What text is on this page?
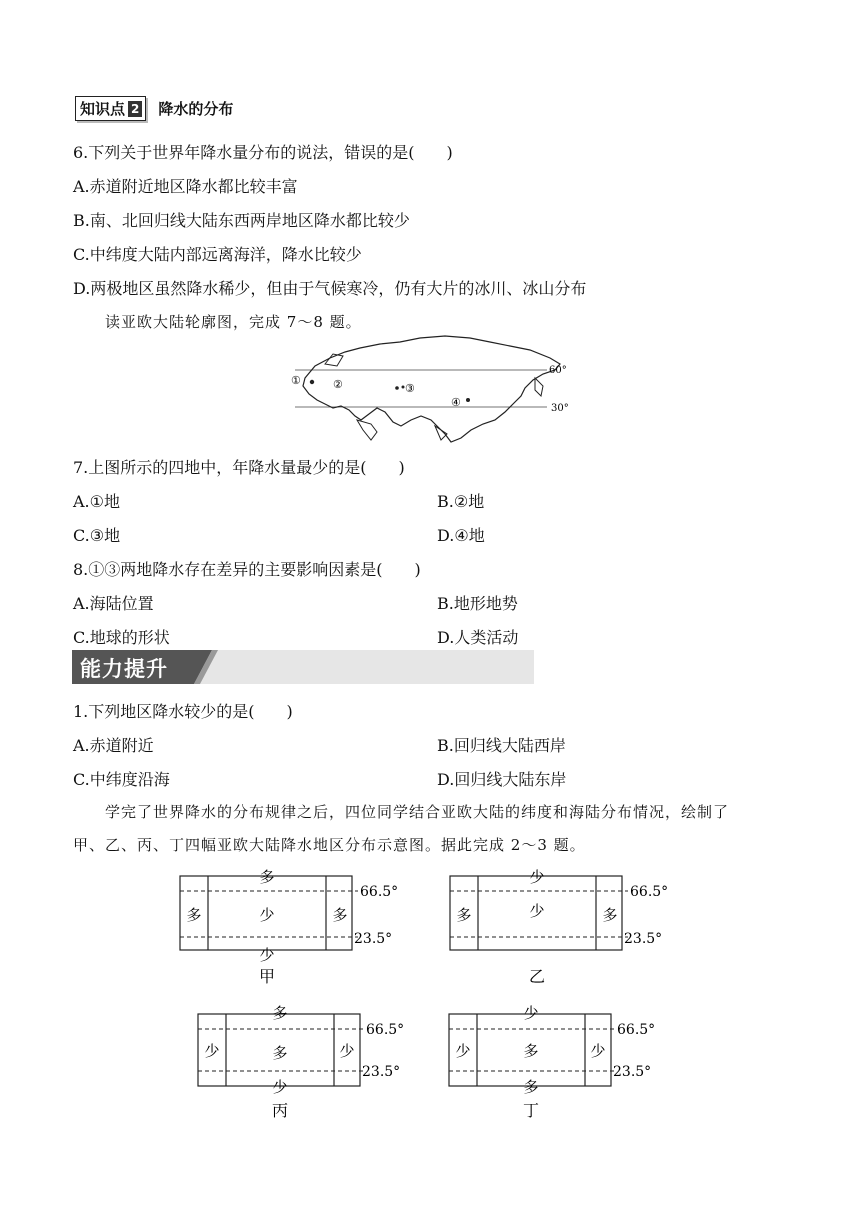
知识点 2 降水的分布
6.下列关于世界年降水量分布的说法，错误的是(　　)
A.赤道附近地区降水都比较丰富
B.南、北回归线大陆东西两岸地区降水都比较少
C.中纬度大陆内部远离海洋，降水比较少
D.两极地区虽然降水稀少，但由于气候寒冷，仍有大片的冰川、冰山分布
读亚欧大陆轮廓图，完成 7～8 题。
①	②	③
④
60°
30°
7.上图所示的四地中，年降水量最少的是(　　)
A.①地	B.②地
C.③地	D.④地
8.①③两地降水存在差异的主要影响因素是(　　)
A.海陆位置	B.地形地势
C.地球的形状	D.人类活动
能力提升
1.下列地区降水较少的是(　　)
A.赤道附近	B.回归线大陆西岸
C.中纬度沿海	D.回归线大陆东岸
学完了世界降水的分布规律之后，四位同学结合亚欧大陆的纬度和海陆分布情况，绘制了
甲、乙、丙、丁四幅亚欧大陆降水地区分布示意图。据此完成 2～3 题。
多
多	少	多
少
66.5°
23.5°
甲
少
多	少	多
66.5°
23.5°
乙
多
少	多	少
少
66.5°
23.5°
丙
少
少	多	少
多
66.5°
23.5°
丁
